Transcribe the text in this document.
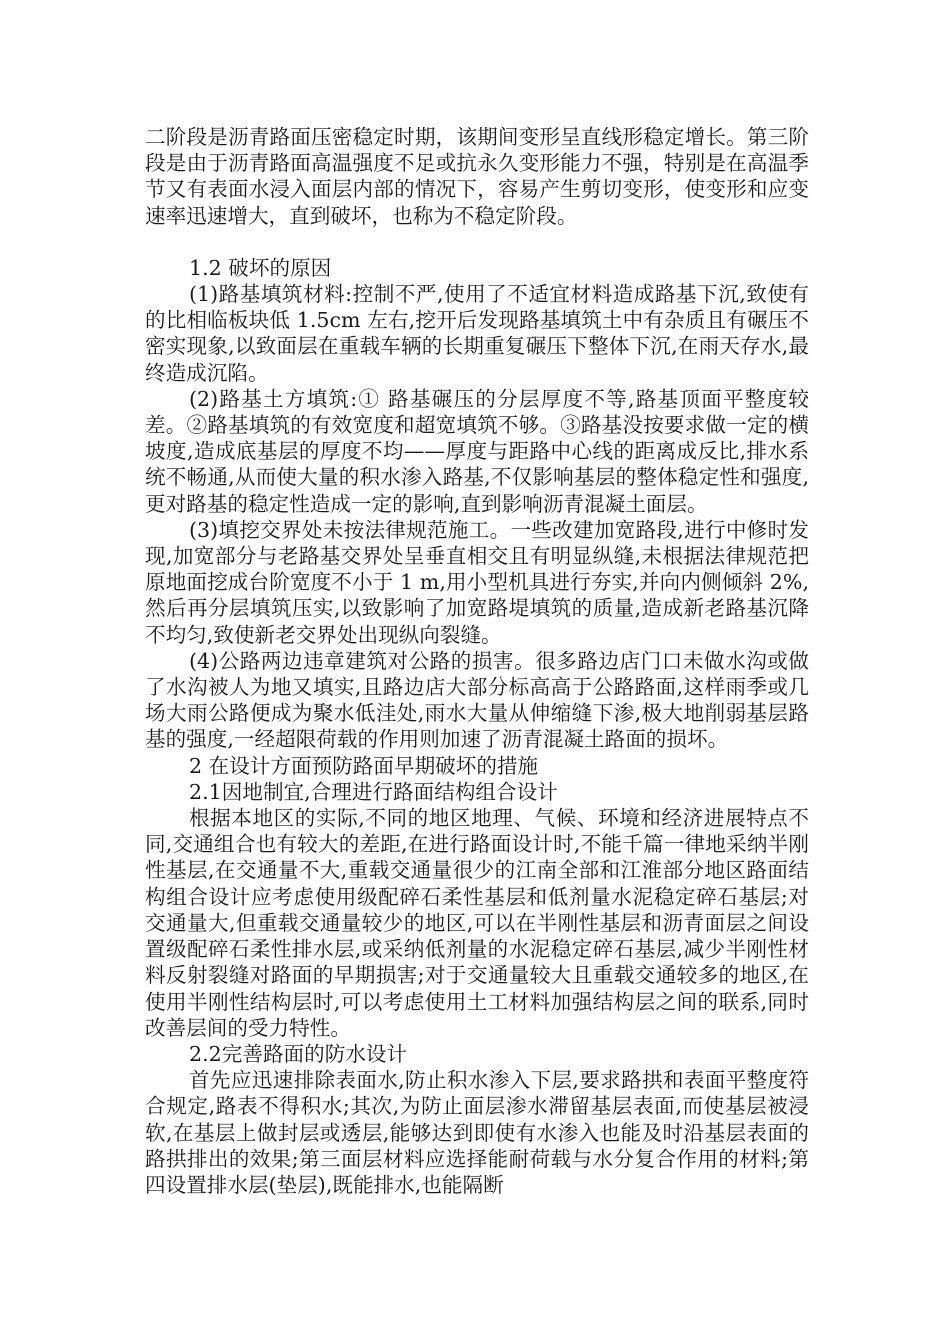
二阶段是沥青路面压密稳定时期，该期间变形呈直线形稳定增长。第三阶段是由于沥青路面高温强度不足或抗永久变形能力不强，特别是在高温季节又有表面水浸入面层内部的情况下，容易产生剪切变形，使变形和应变速率迅速增大，直到破坏，也称为不稳定阶段。

1.2 破坏的原因

(1)路基填筑材料:控制不严,使用了不适宜材料造成路基下沉,致使有的比相临板块低 1.5cm 左右,挖开后发现路基填筑土中有杂质且有碾压不密实现象,以致面层在重载车辆的长期重复碾压下整体下沉,在雨天存水,最终造成沉陷。

(2)路基土方填筑:① 路基碾压的分层厚度不等,路基顶面平整度较差。②路基填筑的有效宽度和超宽填筑不够。③路基没按要求做一定的横坡度,造成底基层的厚度不均——厚度与距路中心线的距离成反比,排水系统不畅通,从而使大量的积水渗入路基,不仅影响基层的整体稳定性和强度,更对路基的稳定性造成一定的影响,直到影响沥青混凝土面层。

(3)填挖交界处未按法律规范施工。一些改建加宽路段,进行中修时发现,加宽部分与老路基交界处呈垂直相交且有明显纵缝,未根据法律规范把原地面挖成台阶宽度不小于 1 m,用小型机具进行夯实,并向内侧倾斜 2%,然后再分层填筑压实,以致影响了加宽路堤填筑的质量,造成新老路基沉降不均匀,致使新老交界处出现纵向裂缝。

(4)公路两边违章建筑对公路的损害。很多路边店门口未做水沟或做了水沟被人为地又填实,且路边店大部分标高高于公路路面,这样雨季或几场大雨公路便成为聚水低洼处,雨水大量从伸缩缝下渗,极大地削弱基层路基的强度,一经超限荷载的作用则加速了沥青混凝土路面的损坏。

2 在设计方面预防路面早期破坏的措施

2.1因地制宜,合理进行路面结构组合设计

根据本地区的实际,不同的地区地理、气候、环境和经济进展特点不同,交通组合也有较大的差距,在进行路面设计时,不能千篇一律地采纳半刚性基层,在交通量不大,重载交通量很少的江南全部和江淮部分地区路面结构组合设计应考虑使用级配碎石柔性基层和低剂量水泥稳定碎石基层;对交通量大,但重载交通量较少的地区,可以在半刚性基层和沥青面层之间设置级配碎石柔性排水层,或采纳低剂量的水泥稳定碎石基层,减少半刚性材料反射裂缝对路面的早期损害;对于交通量较大且重载交通较多的地区,在使用半刚性结构层时,可以考虑使用土工材料加强结构层之间的联系,同时改善层间的受力特性。

2.2完善路面的防水设计

首先应迅速排除表面水,防止积水渗入下层,要求路拱和表面平整度符合规定,路表不得积水;其次,为防止面层渗水滞留基层表面,而使基层被浸软,在基层上做封层或透层,能够达到即使有水渗入也能及时沿基层表面的路拱排出的效果;第三面层材料应选择能耐荷载与水分复合作用的材料;第四设置排水层(垫层),既能排水,也能隔断
